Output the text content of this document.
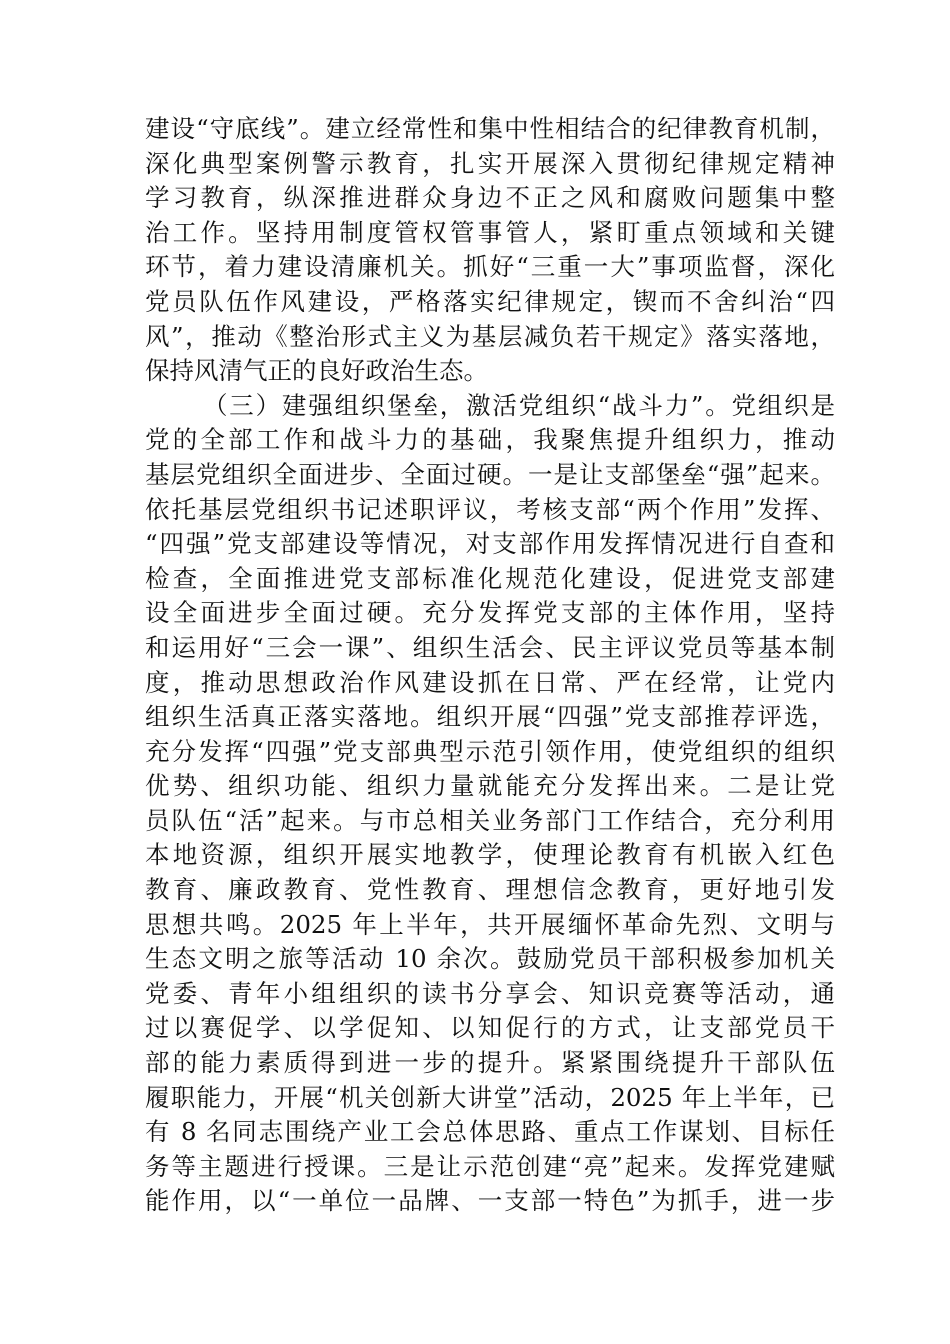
建设“守底线”。建立经常性和集中性相结合的纪律教育机制，
深化典型案例警示教育，扎实开展深入贯彻纪律规定精神
学习教育，纵深推进群众身边不正之风和腐败问题集中整
治工作。坚持用制度管权管事管人，紧盯重点领域和关键
环节，着力建设清廉机关。抓好“三重一大”事项监督，深化
党员队伍作风建设，严格落实纪律规定，锲而不舍纠治“四
风”，推动《整治形式主义为基层减负若干规定》落实落地，
保持风清气正的良好政治生态。
（三）建强组织堡垒，激活党组织“战斗力”。党组织是
党的全部工作和战斗力的基础，我聚焦提升组织力，推动
基层党组织全面进步、全面过硬。一是让支部堡垒“强”起来。
依托基层党组织书记述职评议，考核支部“两个作用”发挥、
“四强”党支部建设等情况，对支部作用发挥情况进行自查和
检查，全面推进党支部标准化规范化建设，促进党支部建
设全面进步全面过硬。充分发挥党支部的主体作用，坚持
和运用好“三会一课”、组织生活会、民主评议党员等基本制
度，推动思想政治作风建设抓在日常、严在经常，让党内
组织生活真正落实落地。组织开展“四强”党支部推荐评选，
充分发挥“四强”党支部典型示范引领作用，使党组织的组织
优势、组织功能、组织力量就能充分发挥出来。二是让党
员队伍“活”起来。与市总相关业务部门工作结合，充分利用
本地资源，组织开展实地教学，使理论教育有机嵌入红色
教育、廉政教育、党性教育、理想信念教育，更好地引发
思想共鸣。2025 年上半年，共开展缅怀革命先烈、文明与
生态文明之旅等活动 10 余次。鼓励党员干部积极参加机关
党委、青年小组组织的读书分享会、知识竞赛等活动，通
过以赛促学、以学促知、以知促行的方式，让支部党员干
部的能力素质得到进一步的提升。紧紧围绕提升干部队伍
履职能力，开展“机关创新大讲堂”活动，2025 年上半年，已
有 8 名同志围绕产业工会总体思路、重点工作谋划、目标任
务等主题进行授课。三是让示范创建“亮”起来。发挥党建赋
能作用，以“一单位一品牌、一支部一特色”为抓手，进一步
